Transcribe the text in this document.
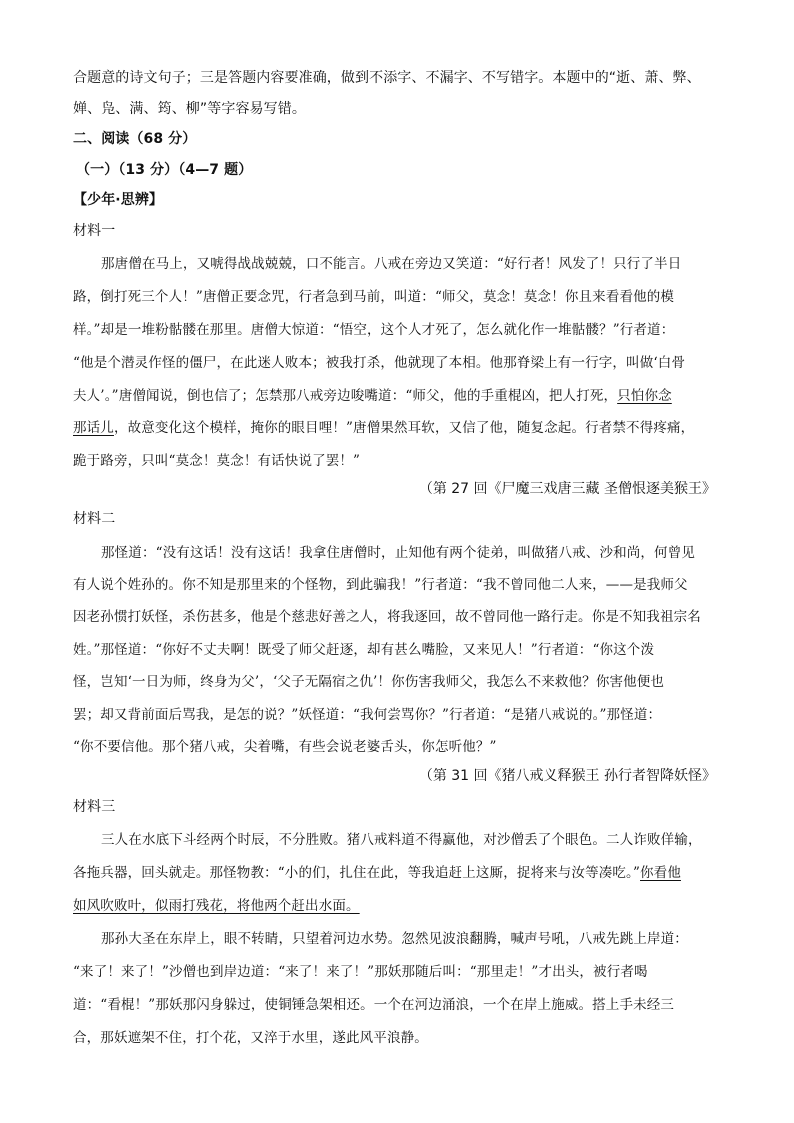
合题意的诗文句子；三是答题内容要准确，做到不添字、不漏字、不写错字。本题中的“逝、萧、弊、
婵、凫、满、筠、柳”等字容易写错。
二、阅读（68 分）
（一）（13 分）（4—7 题）
【少年·思辨】
材料一
那唐僧在马上，又唬得战战兢兢，口不能言。八戒在旁边又笑道：“好行者！风发了！只行了半日
路，倒打死三个人！”唐僧正要念咒，行者急到马前，叫道：“师父，莫念！莫念！你且来看看他的模
样。”却是一堆粉骷髅在那里。唐僧大惊道：“悟空，这个人才死了，怎么就化作一堆骷髅？”行者道：
“他是个潜灵作怪的僵尸，在此迷人败本；被我打杀，他就现了本相。他那脊梁上有一行字，叫做‘白骨
夫人’。”唐僧闻说，倒也信了；怎禁那八戒旁边唆嘴道：“师父，他的手重棍凶，把人打死，只怕你念
那话儿，故意变化这个模样，掩你的眼目哩！”唐僧果然耳软，又信了他，随复念起。行者禁不得疼痛，
跪于路旁，只叫“莫念！莫念！有话快说了罢！”
（第 27 回《尸魔三戏唐三藏 圣僧恨逐美猴王》
材料二
那怪道：“没有这话！没有这话！我拿住唐僧时，止知他有两个徒弟，叫做猪八戒、沙和尚，何曾见
有人说个姓孙的。你不知是那里来的个怪物，到此骗我！”行者道：“我不曾同他二人来，——是我师父
因老孙惯打妖怪，杀伤甚多，他是个慈悲好善之人，将我逐回，故不曾同他一路行走。你是不知我祖宗名
姓。”那怪道：“你好不丈夫啊！既受了师父赶逐，却有甚么嘴脸，又来见人！”行者道：“你这个泼
怪，岂知‘一日为师，终身为父’，‘父子无隔宿之仇’！你伤害我师父，我怎么不来救他？你害他便也
罢；却又背前面后骂我，是怎的说？”妖怪道：“我何尝骂你？”行者道：“是猪八戒说的。”那怪道：
“你不要信他。那个猪八戒，尖着嘴，有些会说老婆舌头，你怎听他？”
（第 31 回《猪八戒义释猴王 孙行者智降妖怪》
材料三
三人在水底下斗经两个时辰，不分胜败。猪八戒料道不得赢他，对沙僧丢了个眼色。二人诈败佯输，
各拖兵器，回头就走。那怪物教：“小的们，扎住在此，等我追赶上这厮，捉将来与汝等凑吃。”你看他
如风吹败叶，似雨打残花，将他两个赶出水面。
那孙大圣在东岸上，眼不转睛，只望着河边水势。忽然见波浪翻腾，喊声号吼，八戒先跳上岸道：
“来了！来了！”沙僧也到岸边道：“来了！来了！”那妖那随后叫：“那里走！”才出头，被行者喝
道：“看棍！”那妖那闪身躲过，使铜锤急架相还。一个在河边涌浪，一个在岸上施威。搭上手未经三
合，那妖遮架不住，打个花，又淬于水里，遂此风平浪静。
